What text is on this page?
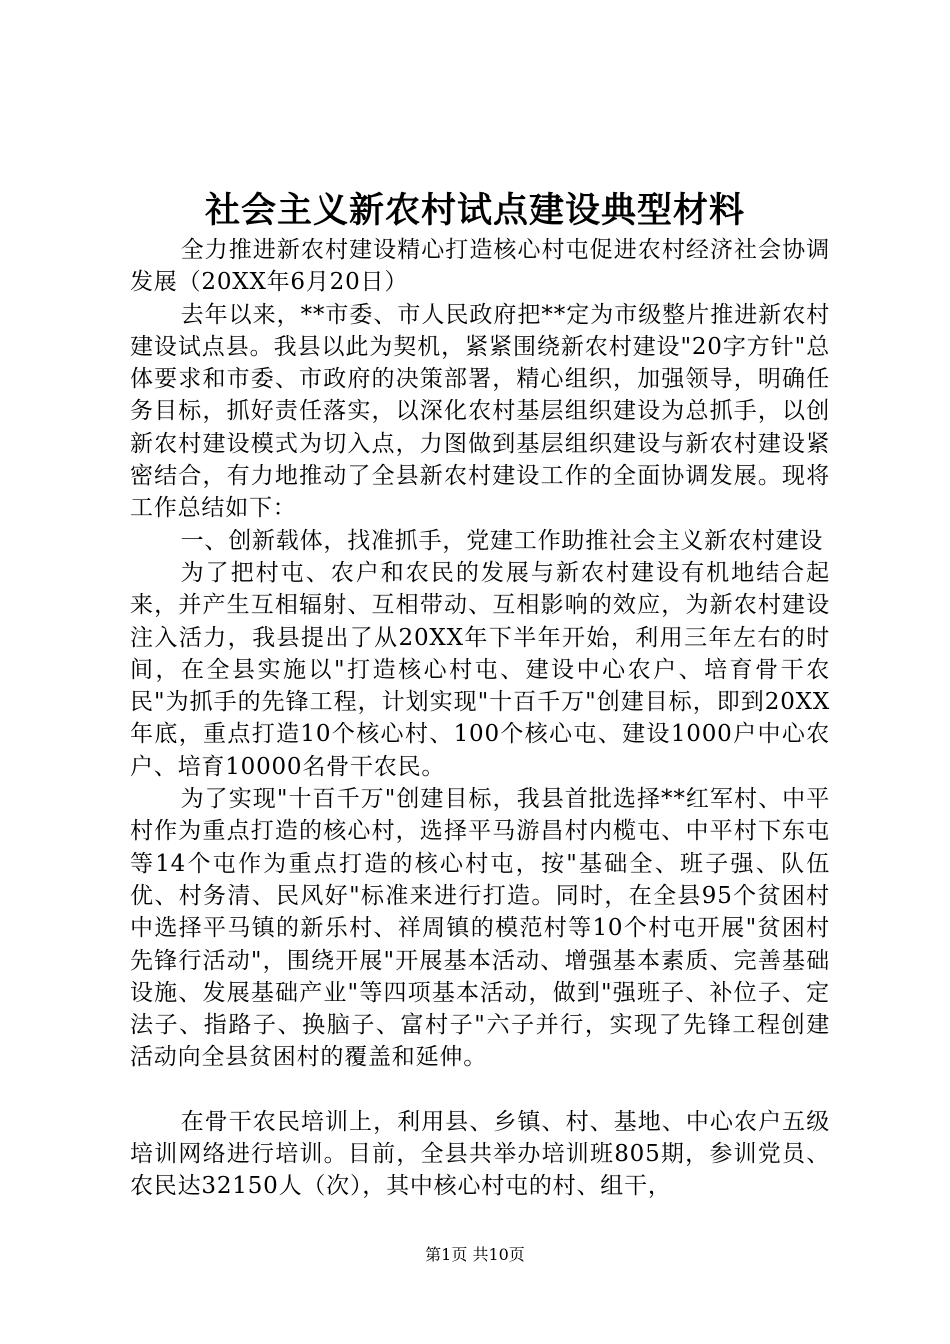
社会主义新农村试点建设典型材料

全力推进新农村建设精心打造核心村屯促进农村经济社会协调发展（20XX年6月20日）

去年以来，**市委、市人民政府把**定为市级整片推进新农村建设试点县。我县以此为契机，紧紧围绕新农村建设"20字方针"总体要求和市委、市政府的决策部署，精心组织，加强领导，明确任务目标，抓好责任落实，以深化农村基层组织建设为总抓手，以创新农村建设模式为切入点，力图做到基层组织建设与新农村建设紧密结合，有力地推动了全县新农村建设工作的全面协调发展。现将工作总结如下：

一、创新载体，找准抓手，党建工作助推社会主义新农村建设

为了把村屯、农户和农民的发展与新农村建设有机地结合起来，并产生互相辐射、互相带动、互相影响的效应，为新农村建设注入活力，我县提出了从20XX年下半年开始，利用三年左右的时间，在全县实施以"打造核心村屯、建设中心农户、培育骨干农民"为抓手的先锋工程，计划实现"十百千万"创建目标，即到20XX年底，重点打造10个核心村、100个核心屯、建设1000户中心农户、培育10000名骨干农民。

为了实现"十百千万"创建目标，我县首批选择**红军村、中平村作为重点打造的核心村，选择平马游昌村内榄屯、中平村下东屯等14个屯作为重点打造的核心村屯，按"基础全、班子强、队伍优、村务清、民风好"标准来进行打造。同时，在全县95个贫困村中选择平马镇的新乐村、祥周镇的模范村等10个村屯开展"贫困村先锋行活动"，围绕开展"开展基本活动、增强基本素质、完善基础设施、发展基础产业"等四项基本活动，做到"强班子、补位子、定法子、指路子、换脑子、富村子"六子并行，实现了先锋工程创建活动向全县贫困村的覆盖和延伸。

在骨干农民培训上，利用县、乡镇、村、基地、中心农户五级培训网络进行培训。目前，全县共举办培训班805期，参训党员、农民达32150人（次），其中核心村屯的村、组干，

第1页 共10页
